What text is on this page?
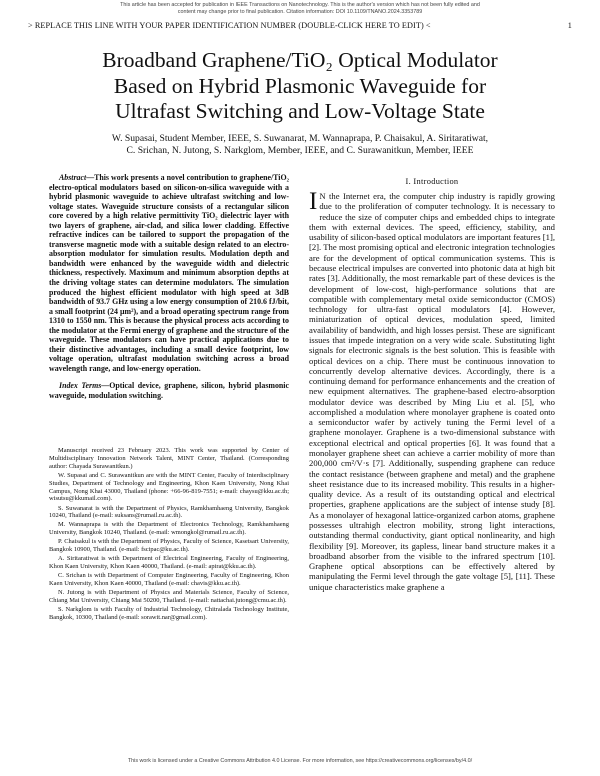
This article has been accepted for publication in IEEE Transactions on Nanotechnology. This is the author's version which has not been fully edited and
content may change prior to final publication. Citation information: DOI 10.1109/TNANO.2024.3353789
> REPLACE THIS LINE WITH YOUR PAPER IDENTIFICATION NUMBER (DOUBLE-CLICK HERE TO EDIT) <	1
Broadband Graphene/TiO₂ Optical Modulator
Based on Hybrid Plasmonic Waveguide for
Ultrafast Switching and Low-Voltage State
W. Supasai, Student Member, IEEE, S. Suwanarat, M. Wannaprapa, P. Chaisakul, A. Siritaratiwat,
C. Srichan, N. Jutong, S. Narkglom, Member, IEEE, and C. Surawanitkun, Member, IEEE

Abstract—This work presents a novel contribution to graphene/TiO₂ electro-optical modulators based on silicon-on-silica waveguide with a hybrid plasmonic waveguide to achieve ultrafast switching and low-voltage states. Waveguide structure consists of a rectangular silicon core covered by a high relative permittivity TiO₂ dielectric layer with two layers of graphene, air-clad, and silica lower cladding. Effective refractive indices can be tailored to support the propagation of the transverse magnetic mode with a suitable design related to an electro-absorption modulator for simulation results. Modulation depth and bandwidth were enhanced by the waveguide width and dielectric thickness, respectively. Maximum and minimum absorption depths at the driving voltage states can determine modulators. The simulation produced the highest efficient modulator with high speed at 3dB bandwidth of 93.7 GHz using a low energy consumption of 210.6 fJ/bit, a small footprint (24 µm²), and a broad operating spectrum range from 1310 to 1550 nm. This is because the physical process acts according to the modulator at the Fermi energy of graphene and the structure of the waveguide. These modulators can have practical applications due to their distinctive advantages, including a small device footprint, low voltage operation, ultrafast modulation switching across a broad wavelength range, and low-energy operation.

Index Terms—Optical device, graphene, silicon, hybrid plasmonic waveguide, modulation switching.

Manuscript received 23 February 2023. This work was supported by Center of Multidisciplinary Innovation Network Talent, MINT Center, Thailand. (Corresponding author: Chayada Surawanitkun.)

W. Supasai and C. Surawanitkun are with the MINT Center, Faculty of Interdisciplinary Studies, Department of Technology and Engineering, Khon Kaen University, Nong Khai Campus, Nong Khai 43000, Thailand (phone: +66-96-819-7551; e-mail: chaysu@kku.ac.th; wisutsu@kkumail.com).

S. Suwanarat is with the Department of Physics, Ramkhamhaeng University, Bangkok 10240, Thailand (e-mail: suksans@rumail.ru.ac.th).

M. Wannaprapa is with the Department of Electronics Technology, Ramkhamhaeng University, Bangkok 10240, Thailand. (e-mail: wmongkol@rumail.ru.ac.th).

P. Chaisakul is with the Department of Physics, Faculty of Science, Kasetsart University, Bangkok 10900, Thailand. (e-mail: fscipac@ku.ac.th).

A. Siritaratiwat is with Department of Electrical Engineering, Faculty of Engineering, Khon Kaen University, Khon Kaen 40000, Thailand. (e-mail: apirat@kku.ac.th).

C. Srichan is with Department of Computer Engineering, Faculty of Engineering, Khon Kaen University, Khon Kaen 40000, Thailand (e-mail: chavis@kku.ac.th).

N. Jutong is with Department of Physics and Materials Science, Faculty of Science, Chiang Mai University, Chiang Mai 50200, Thailand. (e-mail: nattachai.jutong@cmu.ac.th).

S. Narkglom is with Faculty of Industrial Technology, Chitralada Technology Institute, Bangkok, 10300, Thailand (e-mail: sorawit.nar@gmail.com).

I. Introduction

I N the Internet era, the computer chip industry is rapidly growing due to the proliferation of computer technology. It is necessary to reduce the size of computer chips and embedded chips to integrate them with external devices. The speed, efficiency, stability, and usability of silicon-based optical modulators are important features [1], [2]. The most promising optical and electronic integration technologies are for the development of optical communication systems. This is because electrical impulses are converted into photonic data at high bit rates [3]. Additionally, the most remarkable part of these devices is the development of low-cost, high-performance solutions that are compatible with complementary metal oxide semiconductor (CMOS) technology for ultra-fast optical modulators [4]. However, miniaturization of optical devices, modulation speed, limited availability of bandwidth, and high losses persist. These are significant issues that impede integration on a very wide scale. Substituting light signals for electronic signals is the best solution. This is feasible with optical devices on a chip. There must be continuous innovation to concurrently develop alternative devices. Accordingly, there is a continuing demand for performance enhancements and the creation of new equipment alternatives. The graphene-based electro-absorption modulator device was described by Ming Liu et al. [5], who accomplished a modulation where monolayer graphene is coated onto a semiconductor wafer by actively tuning the Fermi level of a graphene monolayer. Graphene is a two-dimensional substance with exceptional electrical and optical properties [6]. It was found that a monolayer graphene sheet can achieve a carrier mobility of more than 200,000 cm²/V·s [7]. Additionally, suspending graphene can reduce the contact resistance (between graphene and metal) and the graphene sheet resistance due to its increased mobility. This results in a higher-quality device. As a result of its outstanding optical and electrical properties, graphene applications are the subject of intense study [8]. As a monolayer of hexagonal lattice-organized carbon atoms, graphene possesses ultrahigh electron mobility, strong light interactions, outstanding thermal conductivity, giant optical nonlinearity, and high flexibility [9]. Moreover, its gapless, linear band structure makes it a broadband absorber from the visible to the infrared spectrum [10]. Graphene optical absorptions can be effectively altered by manipulating the Fermi level through the gate voltage [5], [11]. These unique characteristics make graphene a

This work is licensed under a Creative Commons Attribution 4.0 License. For more information, see https://creativecommons.org/licenses/by/4.0/
